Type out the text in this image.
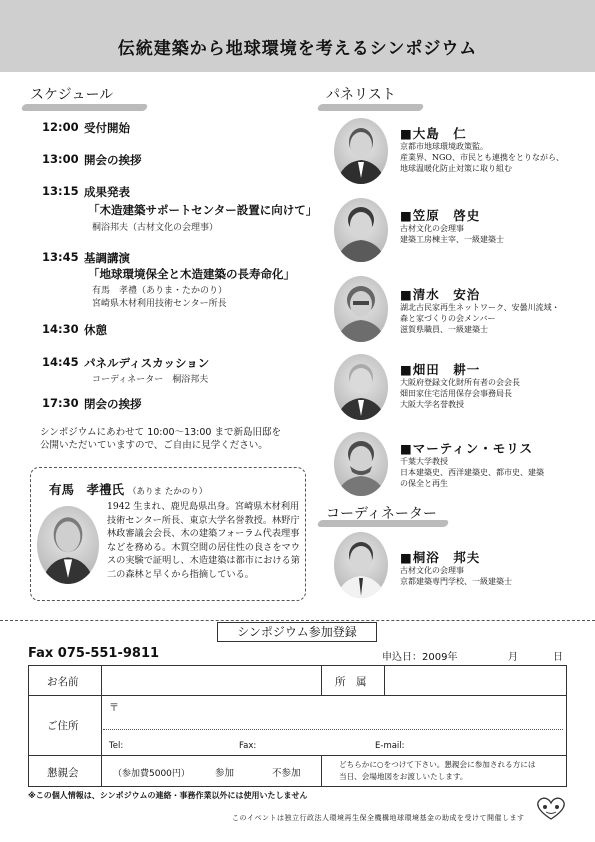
伝統建築から地球環境を考えるシンポジウム
スケジュール
12:00 受付開始
13:00 開会の挨拶
13:15 成果発表
「木造建築サポートセンター設置に向けて」
桐浴邦夫（古材文化の会理事）
13:45 基調講演
「地球環境保全と木造建築の長寿命化」
有馬　孝禮（ありま・たかのり）
宮崎県木材利用技術センター所長
14:30 休憩
14:45 パネルディスカッション
コーディネーター　桐浴邦夫
17:30 閉会の挨拶
シンポジウムにあわせて 10:00～13:00 まで新島旧邸を
公開いただいていますので、ご自由に見学ください。
有馬　孝禮氏 （ありま たかのり）
1942 生まれ、鹿児島県出身。宮崎県木材利用技術センター所長、東京大学名誉教授。林野庁林政審議会会長、木の建築フォーラム代表理事などを務める。木質空間の居住性の良さをマウスの実験で証明し、木造建築は都市における第二の森林と早くから指摘している。
パネリスト
■大島　仁
京都市地球環境政策監。
産業界、NGO、市民とも連携をとりながら、
地球温暖化防止対策に取り組む
■笠原　啓史
古材文化の会理事
建築工房棟主宰、一級建築士
■清水　安治
湖北古民家再生ネットワーク、安曇川流域・
森と家づくりの会メンバー
滋賀県職員、一級建築士
■畑田　耕一
大阪府登録文化財所有者の会会長
畑田家住宅活用保存会事務局長
大阪大学名誉教授
■マーティン・モリス
千葉大学教授
日本建築史、西洋建築史、都市史、建築
の保全と再生
コーディネーター
■桐浴　邦夫
古材文化の会理事
京都建築専門学校、一級建築士
シンポジウム参加登録
Fax 075-551-9811	申込日：2009年	月	日
お名前	所　属
ご住所
〒
Tel:	Fax:	E-mail:
懇親会	（参加費5000円）	参加	不参加
どちらかに○をつけて下さい。懇親会に参加される方には
当日、会場地図をお渡しいたします。
※この個人情報は、シンポジウムの連絡・事務作業以外には使用いたしません
このイベントは独立行政法人環境再生保全機構地球環境基金の助成を受けて開催します
